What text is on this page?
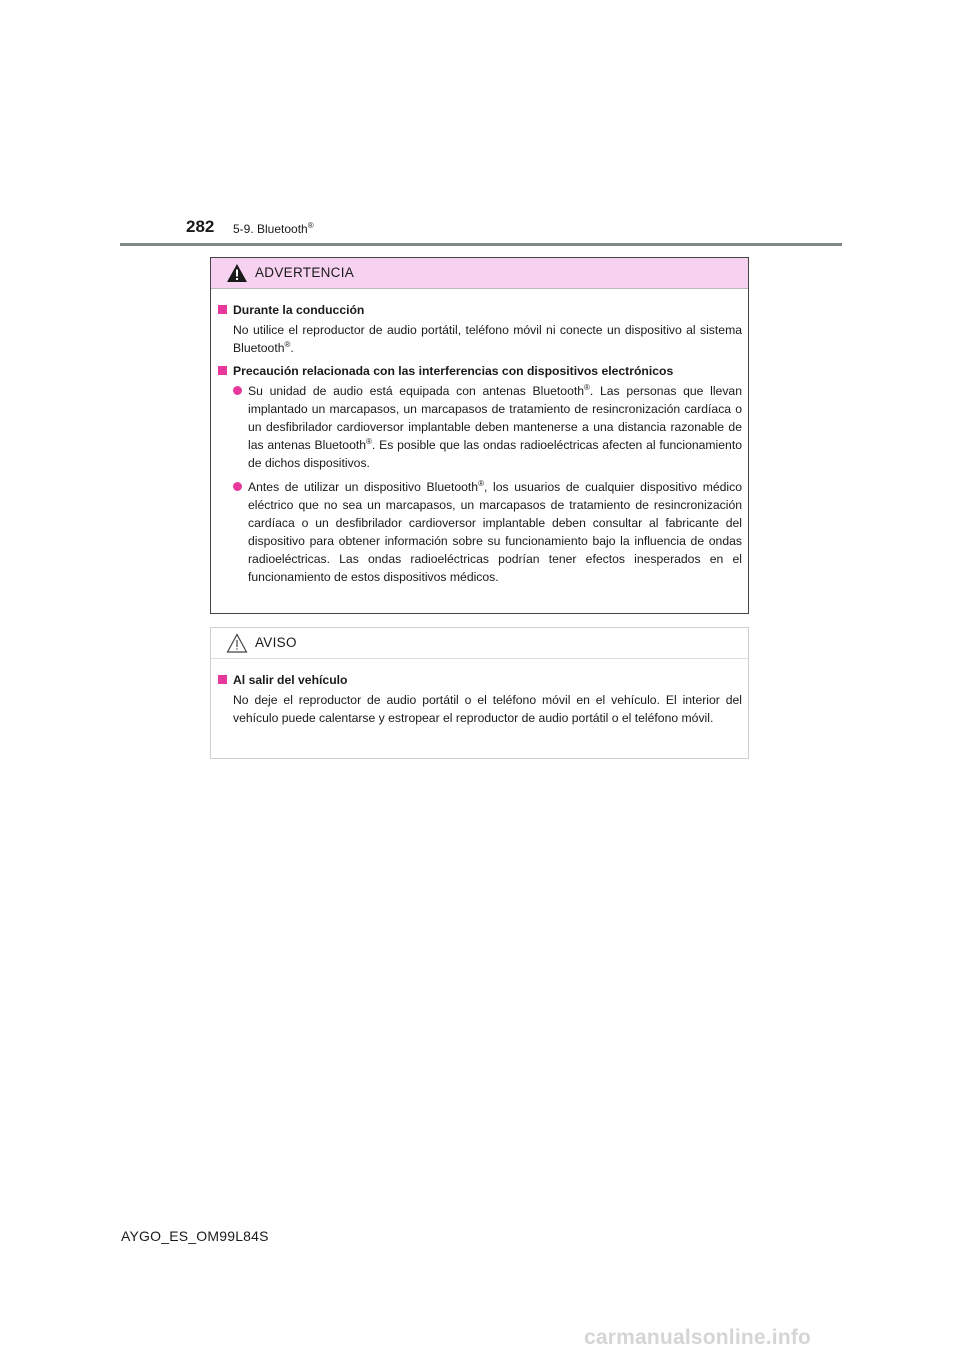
282 5-9. Bluetooth®
ADVERTENCIA
Durante la conducción
No utilice el reproductor de audio portátil, teléfono móvil ni conecte un dispositivo al sistema Bluetooth®.
Precaución relacionada con las interferencias con dispositivos electrónicos
Su unidad de audio está equipada con antenas Bluetooth®. Las personas que llevan implantado un marcapasos, un marcapasos de tratamiento de resincronización cardíaca o un desfibrilador cardioversor implantable deben mantenerse a una distancia razonable de las antenas Bluetooth®. Es posible que las ondas radioeléctricas afecten al funcionamiento de dichos dispositivos.
Antes de utilizar un dispositivo Bluetooth®, los usuarios de cualquier dispositivo médico eléctrico que no sea un marcapasos, un marcapasos de tratamiento de resincronización cardíaca o un desfibrilador cardioversor implantable deben consultar al fabricante del dispositivo para obtener información sobre su funcionamiento bajo la influencia de ondas radioeléctricas. Las ondas radioeléctricas podrían tener efectos inesperados en el funcionamiento de estos dispositivos médicos.
AVISO
Al salir del vehículo
No deje el reproductor de audio portátil o el teléfono móvil en el vehículo. El interior del vehículo puede calentarse y estropear el reproductor de audio portátil o el teléfono móvil.
AYGO_ES_OM99L84S
carmanualsonline.info
